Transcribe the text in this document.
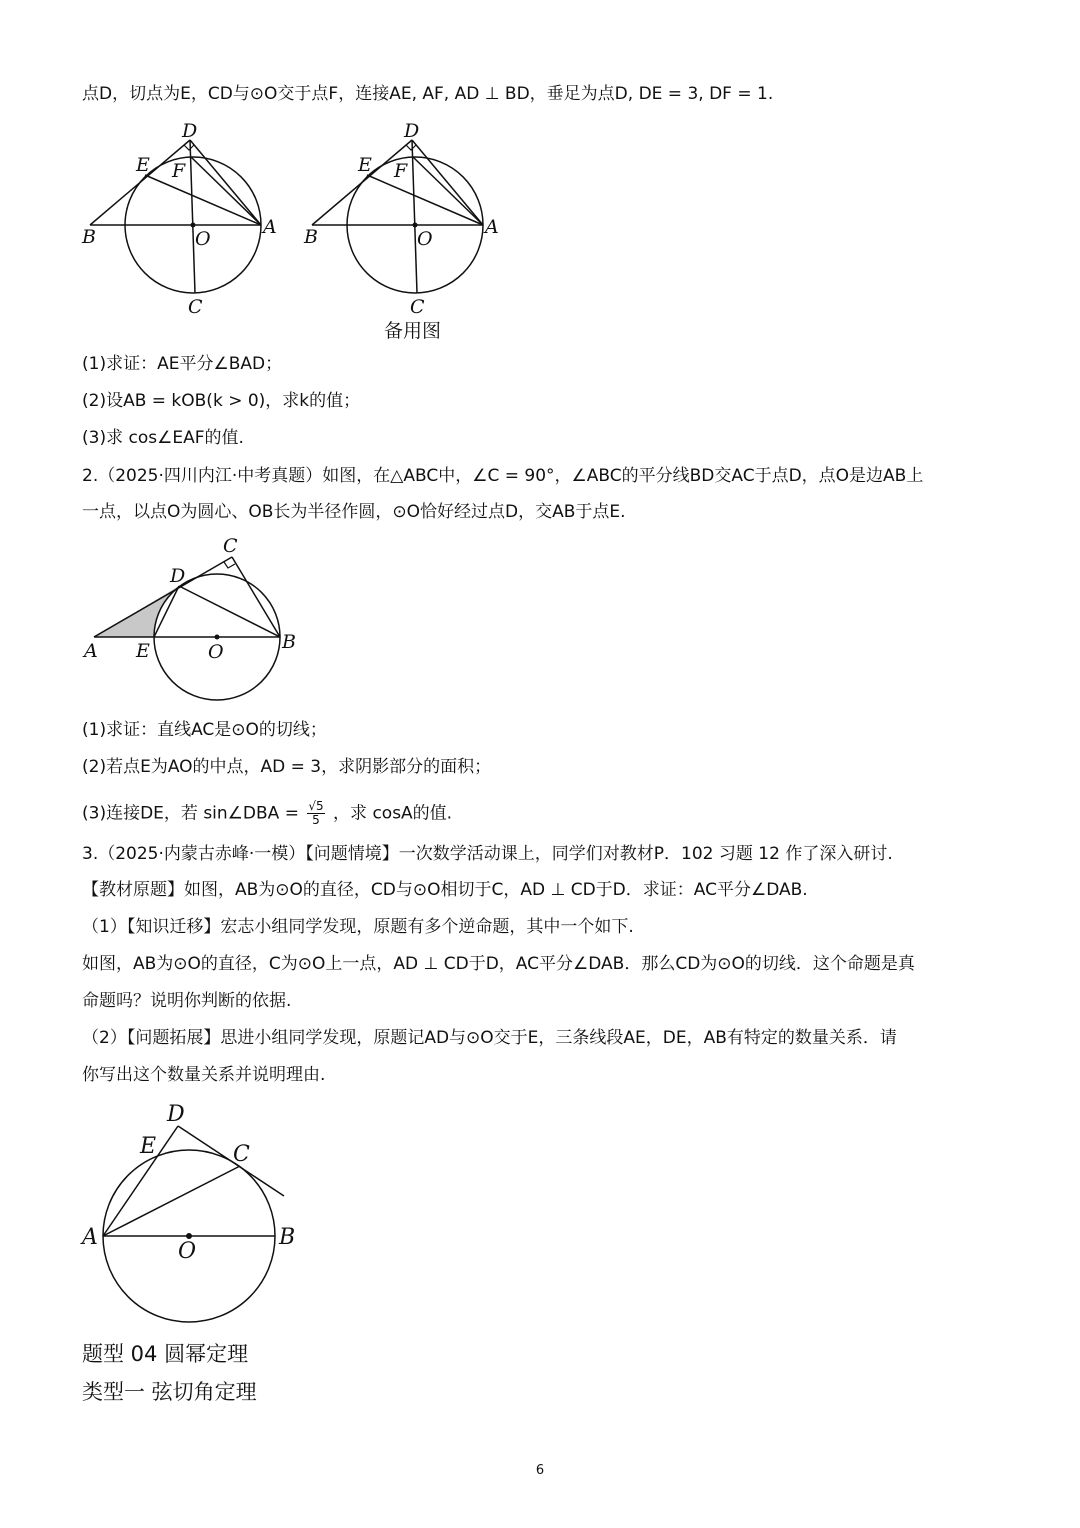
点D，切点为E，CD与⊙O交于点F，连接AE, AF, AD ⊥ BD，垂足为点D, DE = 3, DF = 1.
D
E F
B	O
A
C
D
E F
B	O
A
C
备用图
(1)求证：AE平分∠BAD；
(2)设AB = kOB(k > 0)，求k的值；
(3)求 cos∠EAF的值.
2.（2025·四川内江·中考真题）如图，在△ABC中，∠C = 90°，∠ABC的平分线BD交AC于点D，点O是边AB上
一点，以点O为圆心、OB长为半径作圆，⊙O恰好经过点D，交AB于点E.
C
D
A E	O	B
(1)求证：直线AC是⊙O的切线；
(2)若点E为AO的中点，AD = 3，求阴影部分的面积；
(3)连接DE，若 sin∠DBA = $\frac{√5}{5}$ ，求 cosA的值.
3.（2025·内蒙古赤峰·一模）【问题情境】一次数学活动课上，同学们对教材P．102 习题 12 作了深入研讨.
【教材原题】如图，AB为⊙O的直径，CD与⊙O相切于C，AD ⊥ CD于D．求证：AC平分∠DAB.
（1）【知识迁移】宏志小组同学发现，原题有多个逆命题，其中一个如下.
如图，AB为⊙O的直径，C为⊙O上一点，AD ⊥ CD于D，AC平分∠DAB．那么CD为⊙O的切线．这个命题是真
命题吗？说明你判断的依据.
（2）【问题拓展】思进小组同学发现，原题记AD与⊙O交于E，三条线段AE，DE，AB有特定的数量关系．请
你写出这个数量关系并说明理由.
D
E	C
A
O
B
题型 04 圆幂定理
类型一 弦切角定理
6
